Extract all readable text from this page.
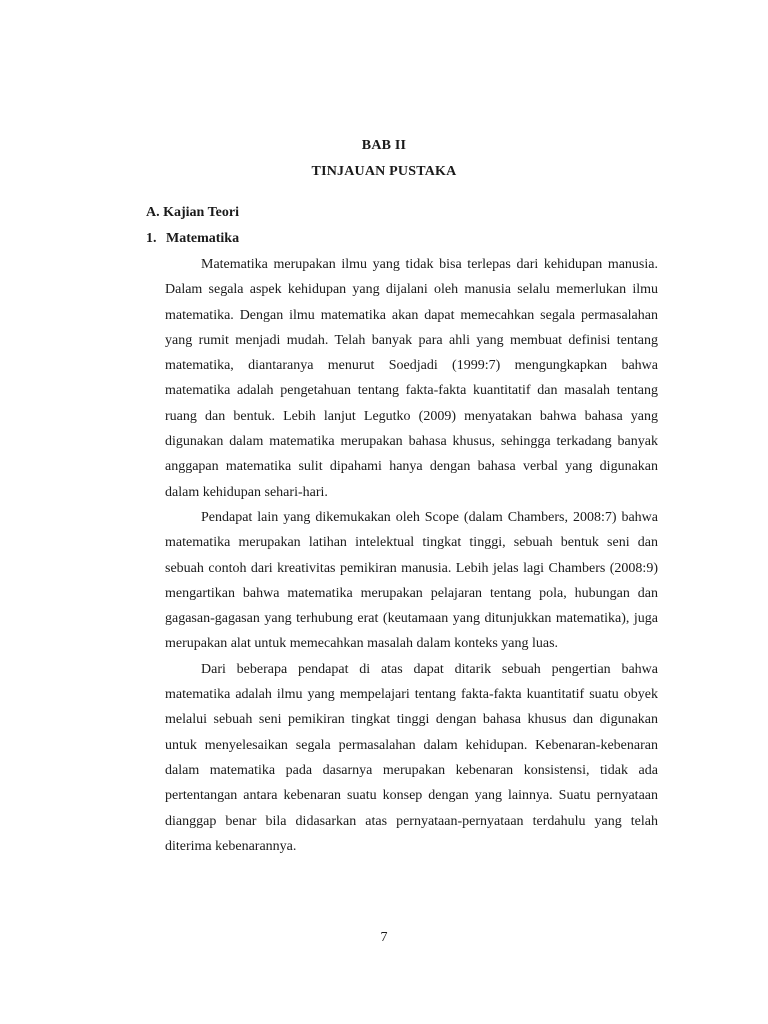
BAB II
TINJAUAN PUSTAKA
A. Kajian Teori
1. Matematika

Matematika merupakan ilmu yang tidak bisa terlepas dari kehidupan manusia. Dalam segala aspek kehidupan yang dijalani oleh manusia selalu memerlukan ilmu matematika. Dengan ilmu matematika akan dapat memecahkan segala permasalahan yang rumit menjadi mudah. Telah banyak para ahli yang membuat definisi tentang matematika, diantaranya menurut Soedjadi (1999:7) mengungkapkan bahwa matematika adalah pengetahuan tentang fakta-fakta kuantitatif dan masalah tentang ruang dan bentuk. Lebih lanjut Legutko (2009) menyatakan bahwa bahasa yang digunakan dalam matematika merupakan bahasa khusus, sehingga terkadang banyak anggapan matematika sulit dipahami hanya dengan bahasa verbal yang digunakan dalam kehidupan sehari-hari.

Pendapat lain yang dikemukakan oleh Scope (dalam Chambers, 2008:7) bahwa matematika merupakan latihan intelektual tingkat tinggi, sebuah bentuk seni dan sebuah contoh dari kreativitas pemikiran manusia. Lebih jelas lagi Chambers (2008:9) mengartikan bahwa matematika merupakan pelajaran tentang pola, hubungan dan gagasan-gagasan yang terhubung erat (keutamaan yang ditunjukkan matematika), juga merupakan alat untuk memecahkan masalah dalam konteks yang luas.

Dari beberapa pendapat di atas dapat ditarik sebuah pengertian bahwa matematika adalah ilmu yang mempelajari tentang fakta-fakta kuantitatif suatu obyek melalui sebuah seni pemikiran tingkat tinggi dengan bahasa khusus dan digunakan untuk menyelesaikan segala permasalahan dalam kehidupan. Kebenaran-kebenaran dalam matematika pada dasarnya merupakan kebenaran konsistensi, tidak ada pertentangan antara kebenaran suatu konsep dengan yang lainnya. Suatu pernyataan dianggap benar bila didasarkan atas pernyataan-pernyataan terdahulu yang telah diterima kebenarannya.

7
